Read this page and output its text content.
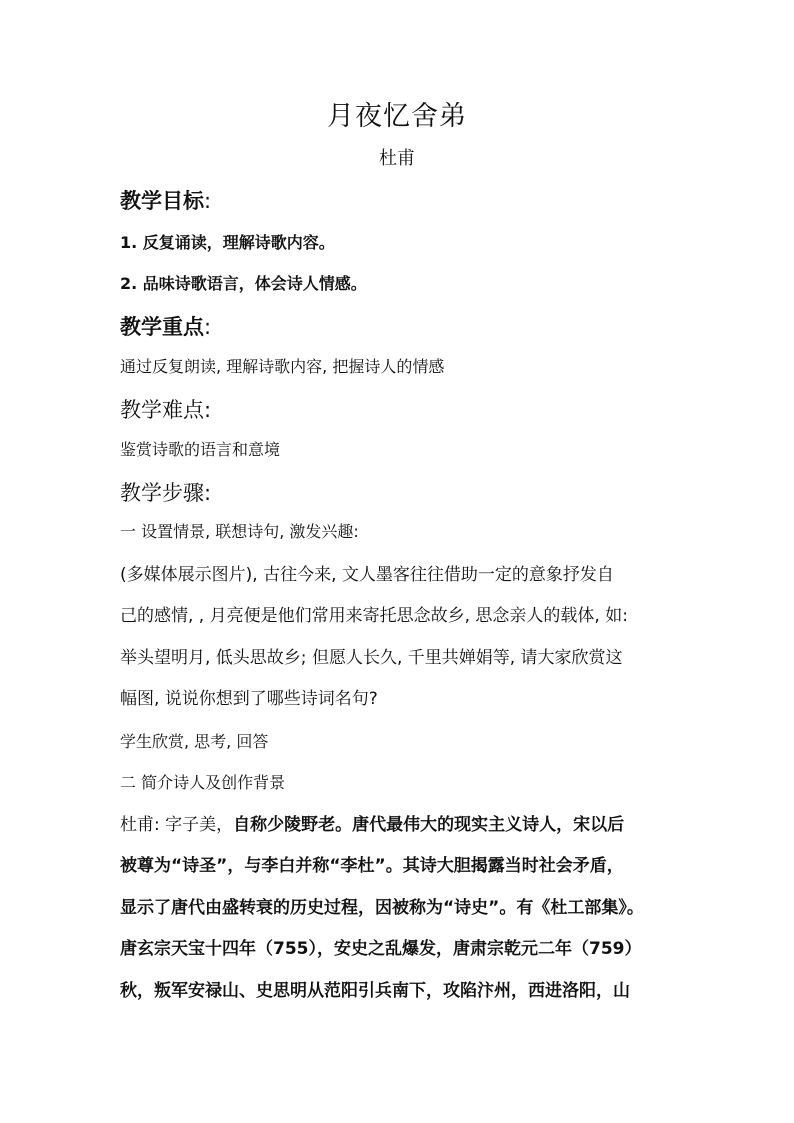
月夜忆舍弟
杜甫
教学目标:
1. 反复诵读，理解诗歌内容。
2. 品味诗歌语言，体会诗人情感。
教学重点:
通过反复朗读, 理解诗歌内容, 把握诗人的情感
教学难点:
鉴赏诗歌的语言和意境
教学步骤:
一 设置情景, 联想诗句, 激发兴趣:
(多媒体展示图片), 古往今来, 文人墨客往往借助一定的意象抒发自
己的感情, , 月亮便是他们常用来寄托思念故乡, 思念亲人的载体, 如:
举头望明月, 低头思故乡; 但愿人长久, 千里共婵娟等, 请大家欣赏这
幅图, 说说你想到了哪些诗词名句?
学生欣赏, 思考, 回答
二 简介诗人及创作背景
杜甫: 字子美，自称少陵野老。唐代最伟大的现实主义诗人，宋以后
被尊为“诗圣”，与李白并称“李杜”。其诗大胆揭露当时社会矛盾，
显示了唐代由盛转衰的历史过程，因被称为“诗史”。有《杜工部集》。
唐玄宗天宝十四年（755），安史之乱爆发，唐肃宗乾元二年（759）
秋，叛军安禄山、史思明从范阳引兵南下，攻陷汴州，西进洛阳，山
